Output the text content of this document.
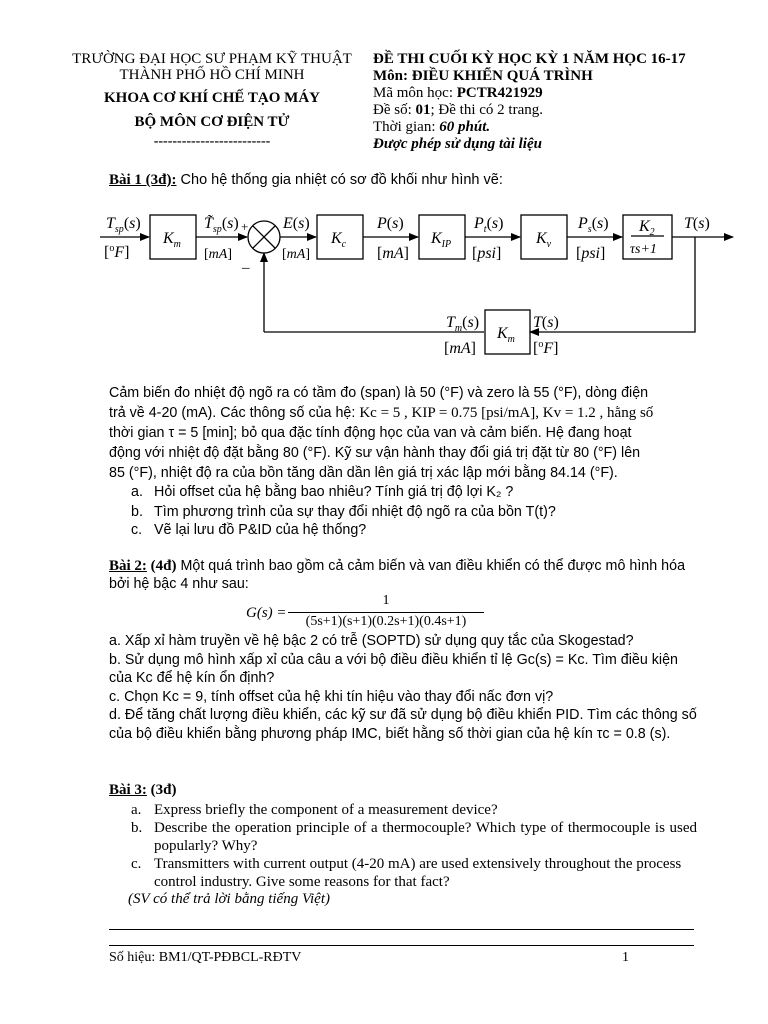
TRƯỜNG ĐẠI HỌC SƯ PHẠM KỸ THUẬT
THÀNH PHỐ HỒ CHÍ MINH
KHOA CƠ KHÍ CHẾ TẠO MÁY
BỘ MÔN CƠ ĐIỆN TỬ
-------------------------
ĐỀ THI CUỐI KỲ HỌC KỲ 1 NĂM HỌC 16-17
Môn: ĐIỀU KHIỂN QUÁ TRÌNH
Mã môn học: PCTR421929
Đề số: 01; Đề thi có 2 trang.
Thời gian: 60 phút.
Được phép sử dụng tài liệu
Bài 1 (3đ): Cho hệ thống gia nhiệt có sơ đồ khối như hình vẽ:
$T_{sp}(s)$
[$^o$F]
$K_m$
$T̃_{sp}(s)$
[mA]
+
_
E(s)
[mA]
$K_c$
P(s)
[mA]
$K_{IP}$
$P_t(s)$
[psi]
$K_v$
$P_s(s)$
[psi]
$K_2$
τs+1
T(s)
$T_m(s)$
[mA]
$K_m$
T(s)
[$^o$F]
Cảm biến đo nhiệt độ ngõ ra có tầm đo (span) là 50 (°F) và zero là 55 (°F), dòng điện
trả về 4-20 (mA). Các thông số của hệ: Kc = 5 , KIP = 0.75 [psi/mA], Kv = 1.2 , hằng số
thời gian τ = 5 [min]; bỏ qua đặc tính động học của van và cảm biến. Hệ đang hoạt
động với nhiệt độ đặt bằng 80 (°F). Kỹ sư vận hành thay đổi giá trị đặt từ 80 (°F) lên
85 (°F), nhiệt độ ra của bồn tăng dần dần lên giá trị xác lập mới bằng 84.14 (°F).
a. Hỏi offset của hệ bằng bao nhiêu? Tính giá trị độ lợi K₂ ?
b. Tìm phương trình của sự thay đổi nhiệt độ ngõ ra của bồn T(t)?
c. Vẽ lại lưu đồ P&ID của hệ thống?
Bài 2: (4đ) Một quá trình bao gồm cả cảm biến và van điều khiển có thể được mô hình hóa bởi hệ bậc 4 như sau:
G(s) =
1
(5s+1)(s+1)(0.2s+1)(0.4s+1)
a. Xấp xỉ hàm truyền về hệ bậc 2 có trễ (SOPTD) sử dụng quy tắc của Skogestad?
b. Sử dụng mô hình xấp xỉ của câu a với bộ điều điều khiển tỉ lệ Gc(s) = Kc. Tìm điều kiện của Kc để hệ kín ổn định?
c. Chọn Kc = 9, tính offset của hệ khi tín hiệu vào thay đổi nấc đơn vị?
d. Để tăng chất lượng điều khiển, các kỹ sư đã sử dụng bộ điều khiển PID. Tìm các thông số của bộ điều khiển bằng phương pháp IMC, biết hằng số thời gian của hệ kín τc = 0.8 (s).
Bài 3: (3đ)
a. Express briefly the component of a measurement device?
b. Describe the operation principle of a thermocouple? Which type of thermocouple is used popularly? Why?
c. Transmitters with current output (4-20 mA) are used extensively throughout the process control industry. Give some reasons for that fact?
(SV có thể trả lời bằng tiếng Việt)
Số hiệu: BM1/QT-PĐBCL-RĐTV	1
